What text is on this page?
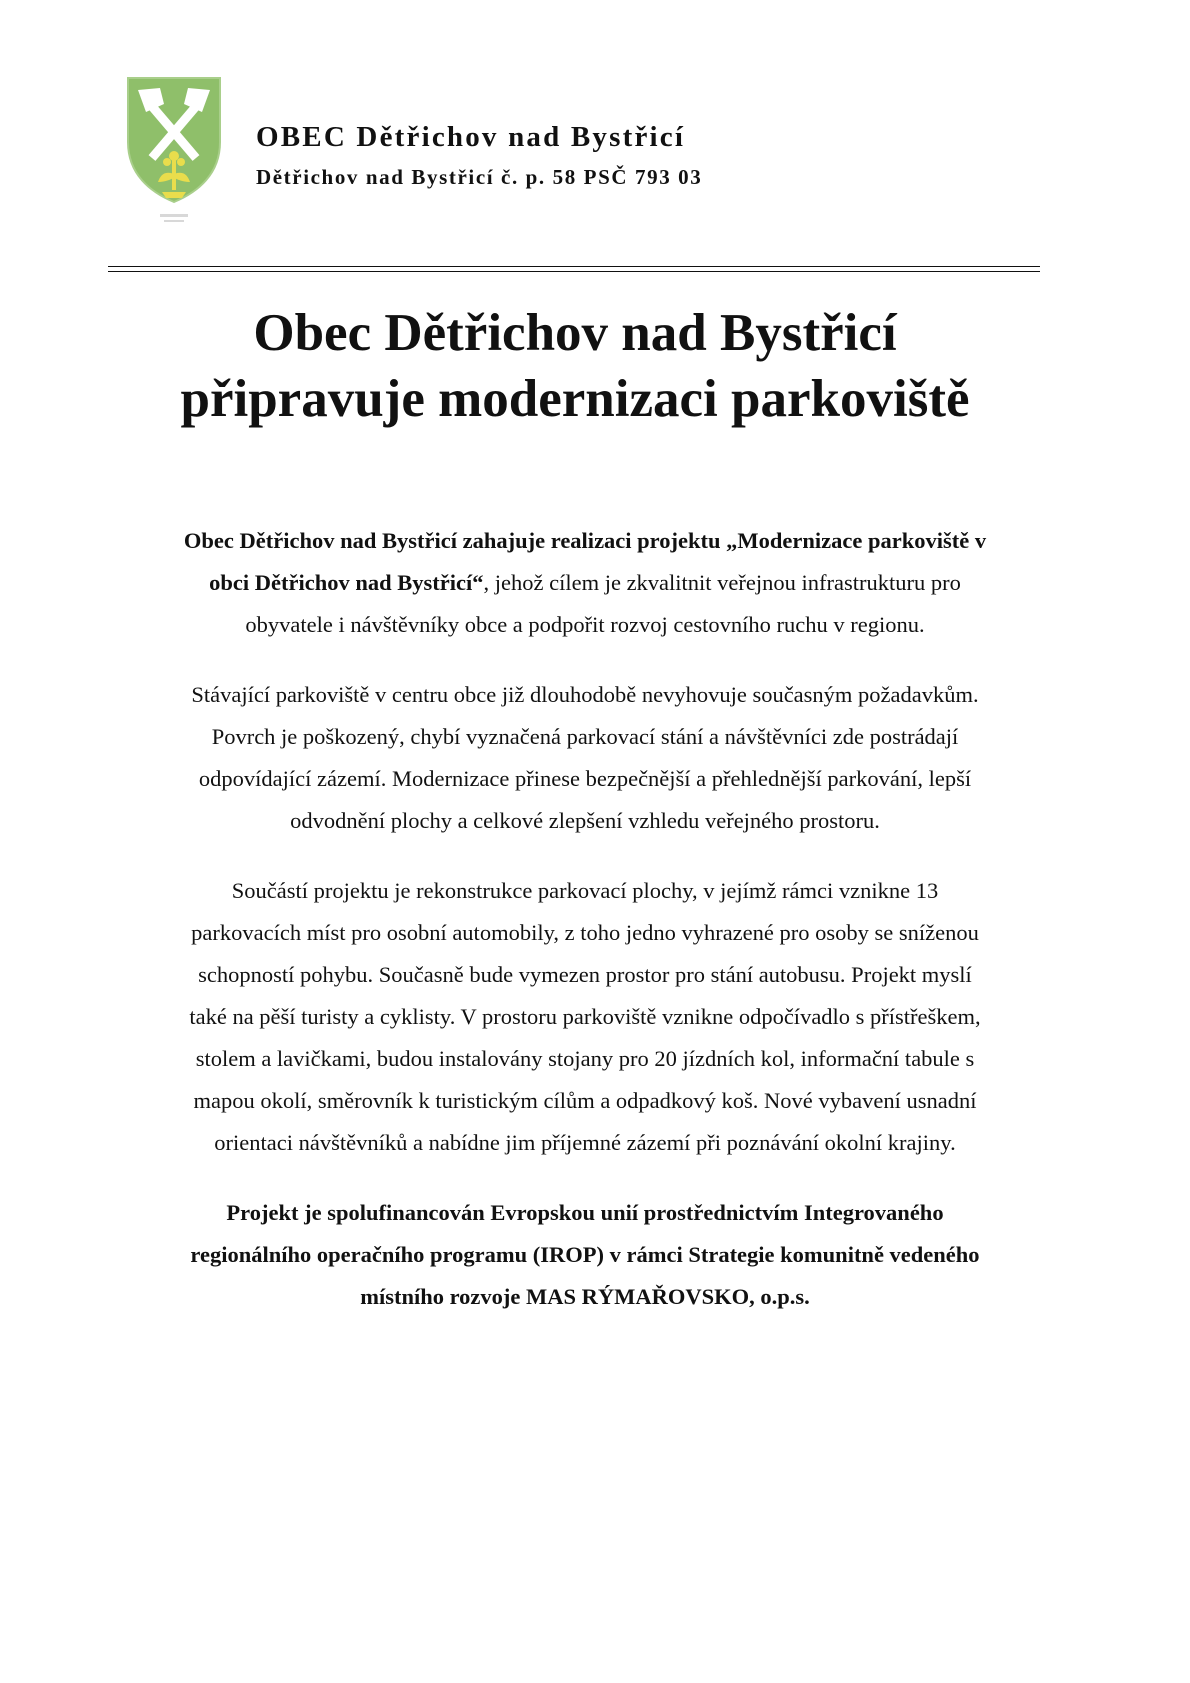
OBEC Dětřichov nad Bystřicí
Dětřichov nad Bystřicí č. p. 58 PSČ 793 03
Obec Dětřichov nad Bystřicí
připravuje modernizaci parkoviště

Obec Dětřichov nad Bystřicí zahajuje realizaci projektu „Modernizace parkoviště v
obci Dětřichov nad Bystřicí“, jehož cílem je zkvalitnit veřejnou infrastrukturu pro
obyvatele i návštěvníky obce a podpořit rozvoj cestovního ruchu v regionu.

Stávající parkoviště v centru obce již dlouhodobě nevyhovuje současným požadavkům.
Povrch je poškozený, chybí vyznačená parkovací stání a návštěvníci zde postrádají
odpovídající zázemí. Modernizace přinese bezpečnější a přehlednější parkování, lepší
odvodnění plochy a celkové zlepšení vzhledu veřejného prostoru.

Součástí projektu je rekonstrukce parkovací plochy, v jejímž rámci vznikne 13
parkovacích míst pro osobní automobily, z toho jedno vyhrazené pro osoby se sníženou
schopností pohybu. Současně bude vymezen prostor pro stání autobusu. Projekt myslí
také na pěší turisty a cyklisty. V prostoru parkoviště vznikne odpočívadlo s přístřeškem,
stolem a lavičkami, budou instalovány stojany pro 20 jízdních kol, informační tabule s
mapou okolí, směrovník k turistickým cílům a odpadkový koš. Nové vybavení usnadní
orientaci návštěvníků a nabídne jim příjemné zázemí při poznávání okolní krajiny.

Projekt je spolufinancován Evropskou unií prostřednictvím Integrovaného
regionálního operačního programu (IROP) v rámci Strategie komunitně vedeného
místního rozvoje MAS RÝMAŘOVSKO, o.p.s.
